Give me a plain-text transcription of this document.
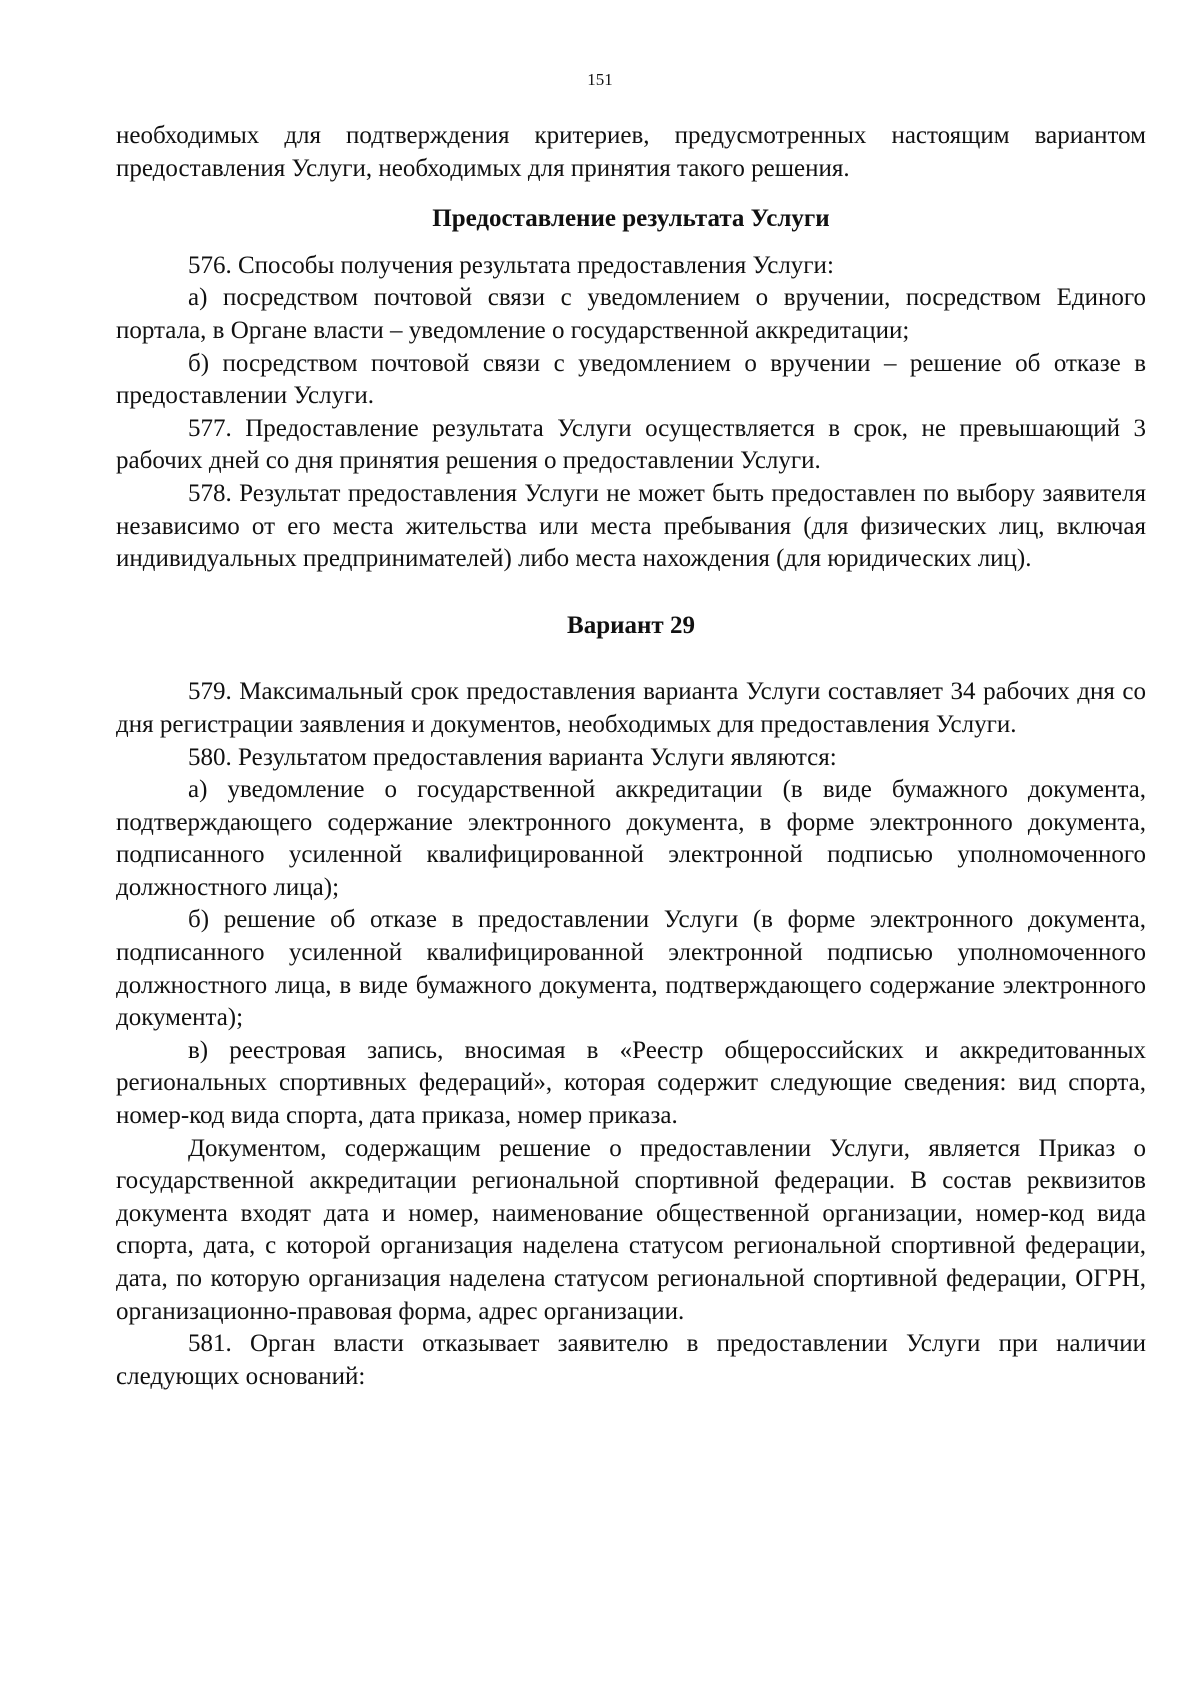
151

необходимых для подтверждения критериев, предусмотренных настоящим вариантом предоставления Услуги, необходимых для принятия такого решения.

Предоставление результата Услуги

576. Способы получения результата предоставления Услуги:

а) посредством почтовой связи с уведомлением о вручении, посредством Единого портала, в Органе власти – уведомление о государственной аккредитации;

б) посредством почтовой связи с уведомлением о вручении – решение об отказе в предоставлении Услуги.

577. Предоставление результата Услуги осуществляется в срок, не превышающий 3 рабочих дней со дня принятия решения о предоставлении Услуги.

578. Результат предоставления Услуги не может быть предоставлен по выбору заявителя независимо от его места жительства или места пребывания (для физических лиц, включая индивидуальных предпринимателей) либо места нахождения (для юридических лиц).

Вариант 29

579. Максимальный срок предоставления варианта Услуги составляет 34 рабочих дня со дня регистрации заявления и документов, необходимых для предоставления Услуги.

580. Результатом предоставления варианта Услуги являются:

а) уведомление о государственной аккредитации (в виде бумажного документа, подтверждающего содержание электронного документа, в форме электронного документа, подписанного усиленной квалифицированной электронной подписью уполномоченного должностного лица);

б) решение об отказе в предоставлении Услуги (в форме электронного документа, подписанного усиленной квалифицированной электронной подписью уполномоченного должностного лица, в виде бумажного документа, подтверждающего содержание электронного документа);

в) реестровая запись, вносимая в «Реестр общероссийских и аккредитованных региональных спортивных федераций», которая содержит следующие сведения: вид спорта, номер-код вида спорта, дата приказа, номер приказа.

Документом, содержащим решение о предоставлении Услуги, является Приказ о государственной аккредитации региональной спортивной федерации. В состав реквизитов документа входят дата и номер, наименование общественной организации, номер-код вида спорта, дата, с которой организация наделена статусом региональной спортивной федерации, дата, по которую организация наделена статусом региональной спортивной федерации, ОГРН, организационно-правовая форма, адрес организации.

581. Орган власти отказывает заявителю в предоставлении Услуги при наличии следующих оснований:
